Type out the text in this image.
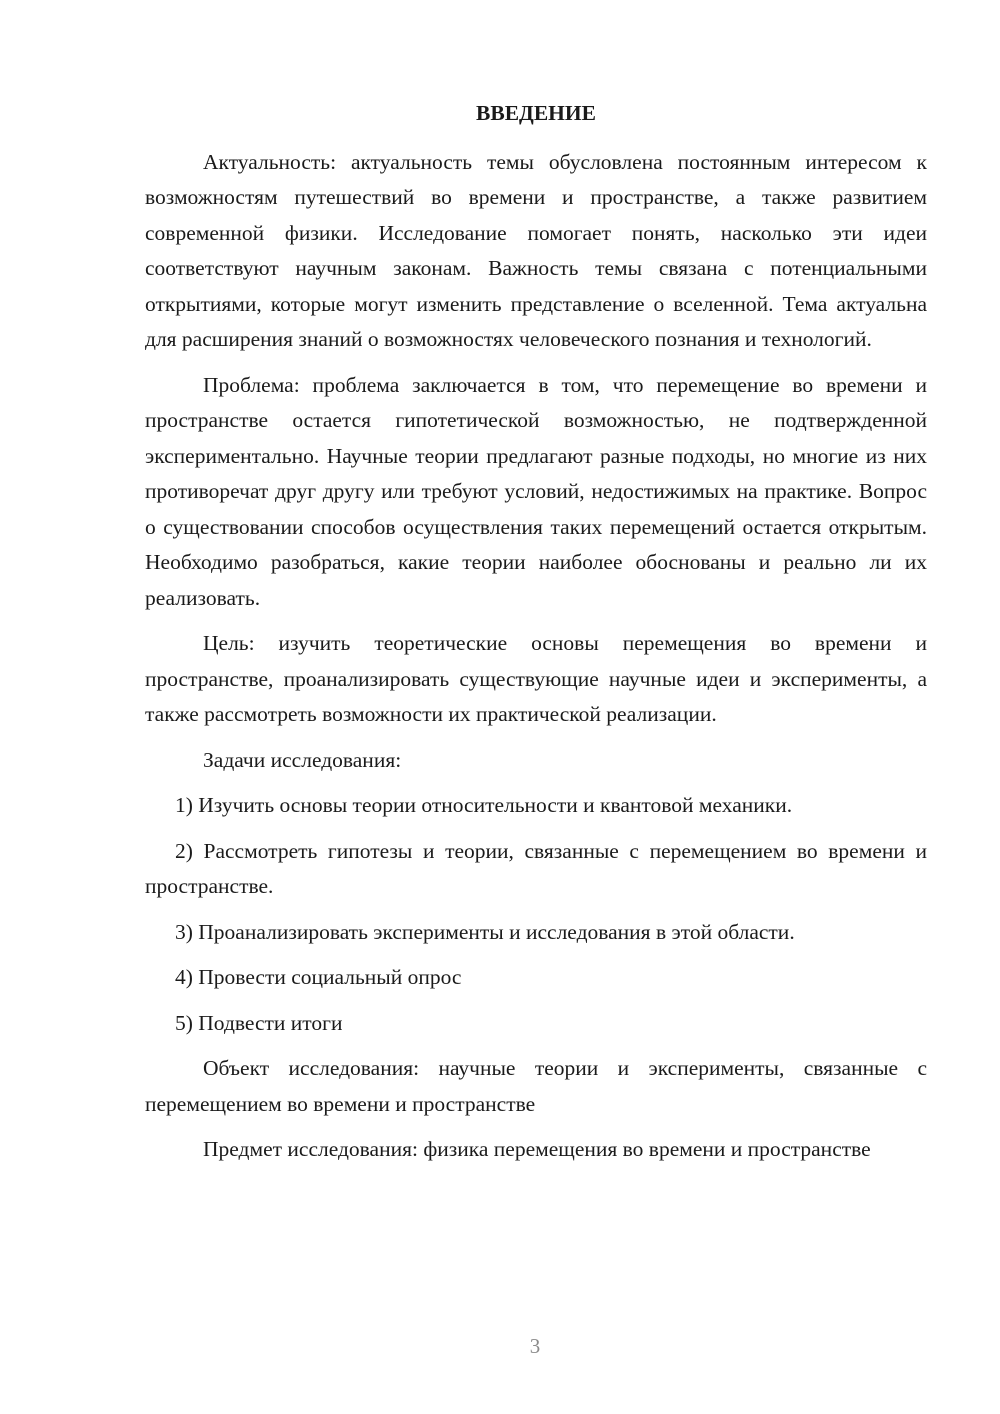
ВВЕДЕНИЕ

Актуальность: актуальность темы обусловлена постоянным интересом к возможностям путешествий во времени и пространстве, а также развитием современной физики. Исследование помогает понять, насколько эти идеи соответствуют научным законам. Важность темы связана с потенциальными открытиями, которые могут изменить представление о вселенной. Тема актуальна для расширения знаний о возможностях человеческого познания и технологий.

Проблема: проблема заключается в том, что перемещение во времени и пространстве остается гипотетической возможностью, не подтвержденной экспериментально. Научные теории предлагают разные подходы, но многие из них противоречат друг другу или требуют условий, недостижимых на практике. Вопрос о существовании способов осуществления таких перемещений остается открытым. Необходимо разобраться, какие теории наиболее обоснованы и реально ли их реализовать.

Цель: изучить теоретические основы перемещения во времени и пространстве, проанализировать существующие научные идеи и эксперименты, а также рассмотреть возможности их практической реализации.

Задачи исследования:

1) Изучить основы теории относительности и квантовой механики.

2) Рассмотреть гипотезы и теории, связанные с перемещением во времени и пространстве.

3) Проанализировать эксперименты и исследования в этой области.

4) Провести социальный опрос

5) Подвести итоги

Объект исследования: научные теории и эксперименты, связанные с перемещением во времени и пространстве

Предмет исследования: физика перемещения во времени и пространстве

3
